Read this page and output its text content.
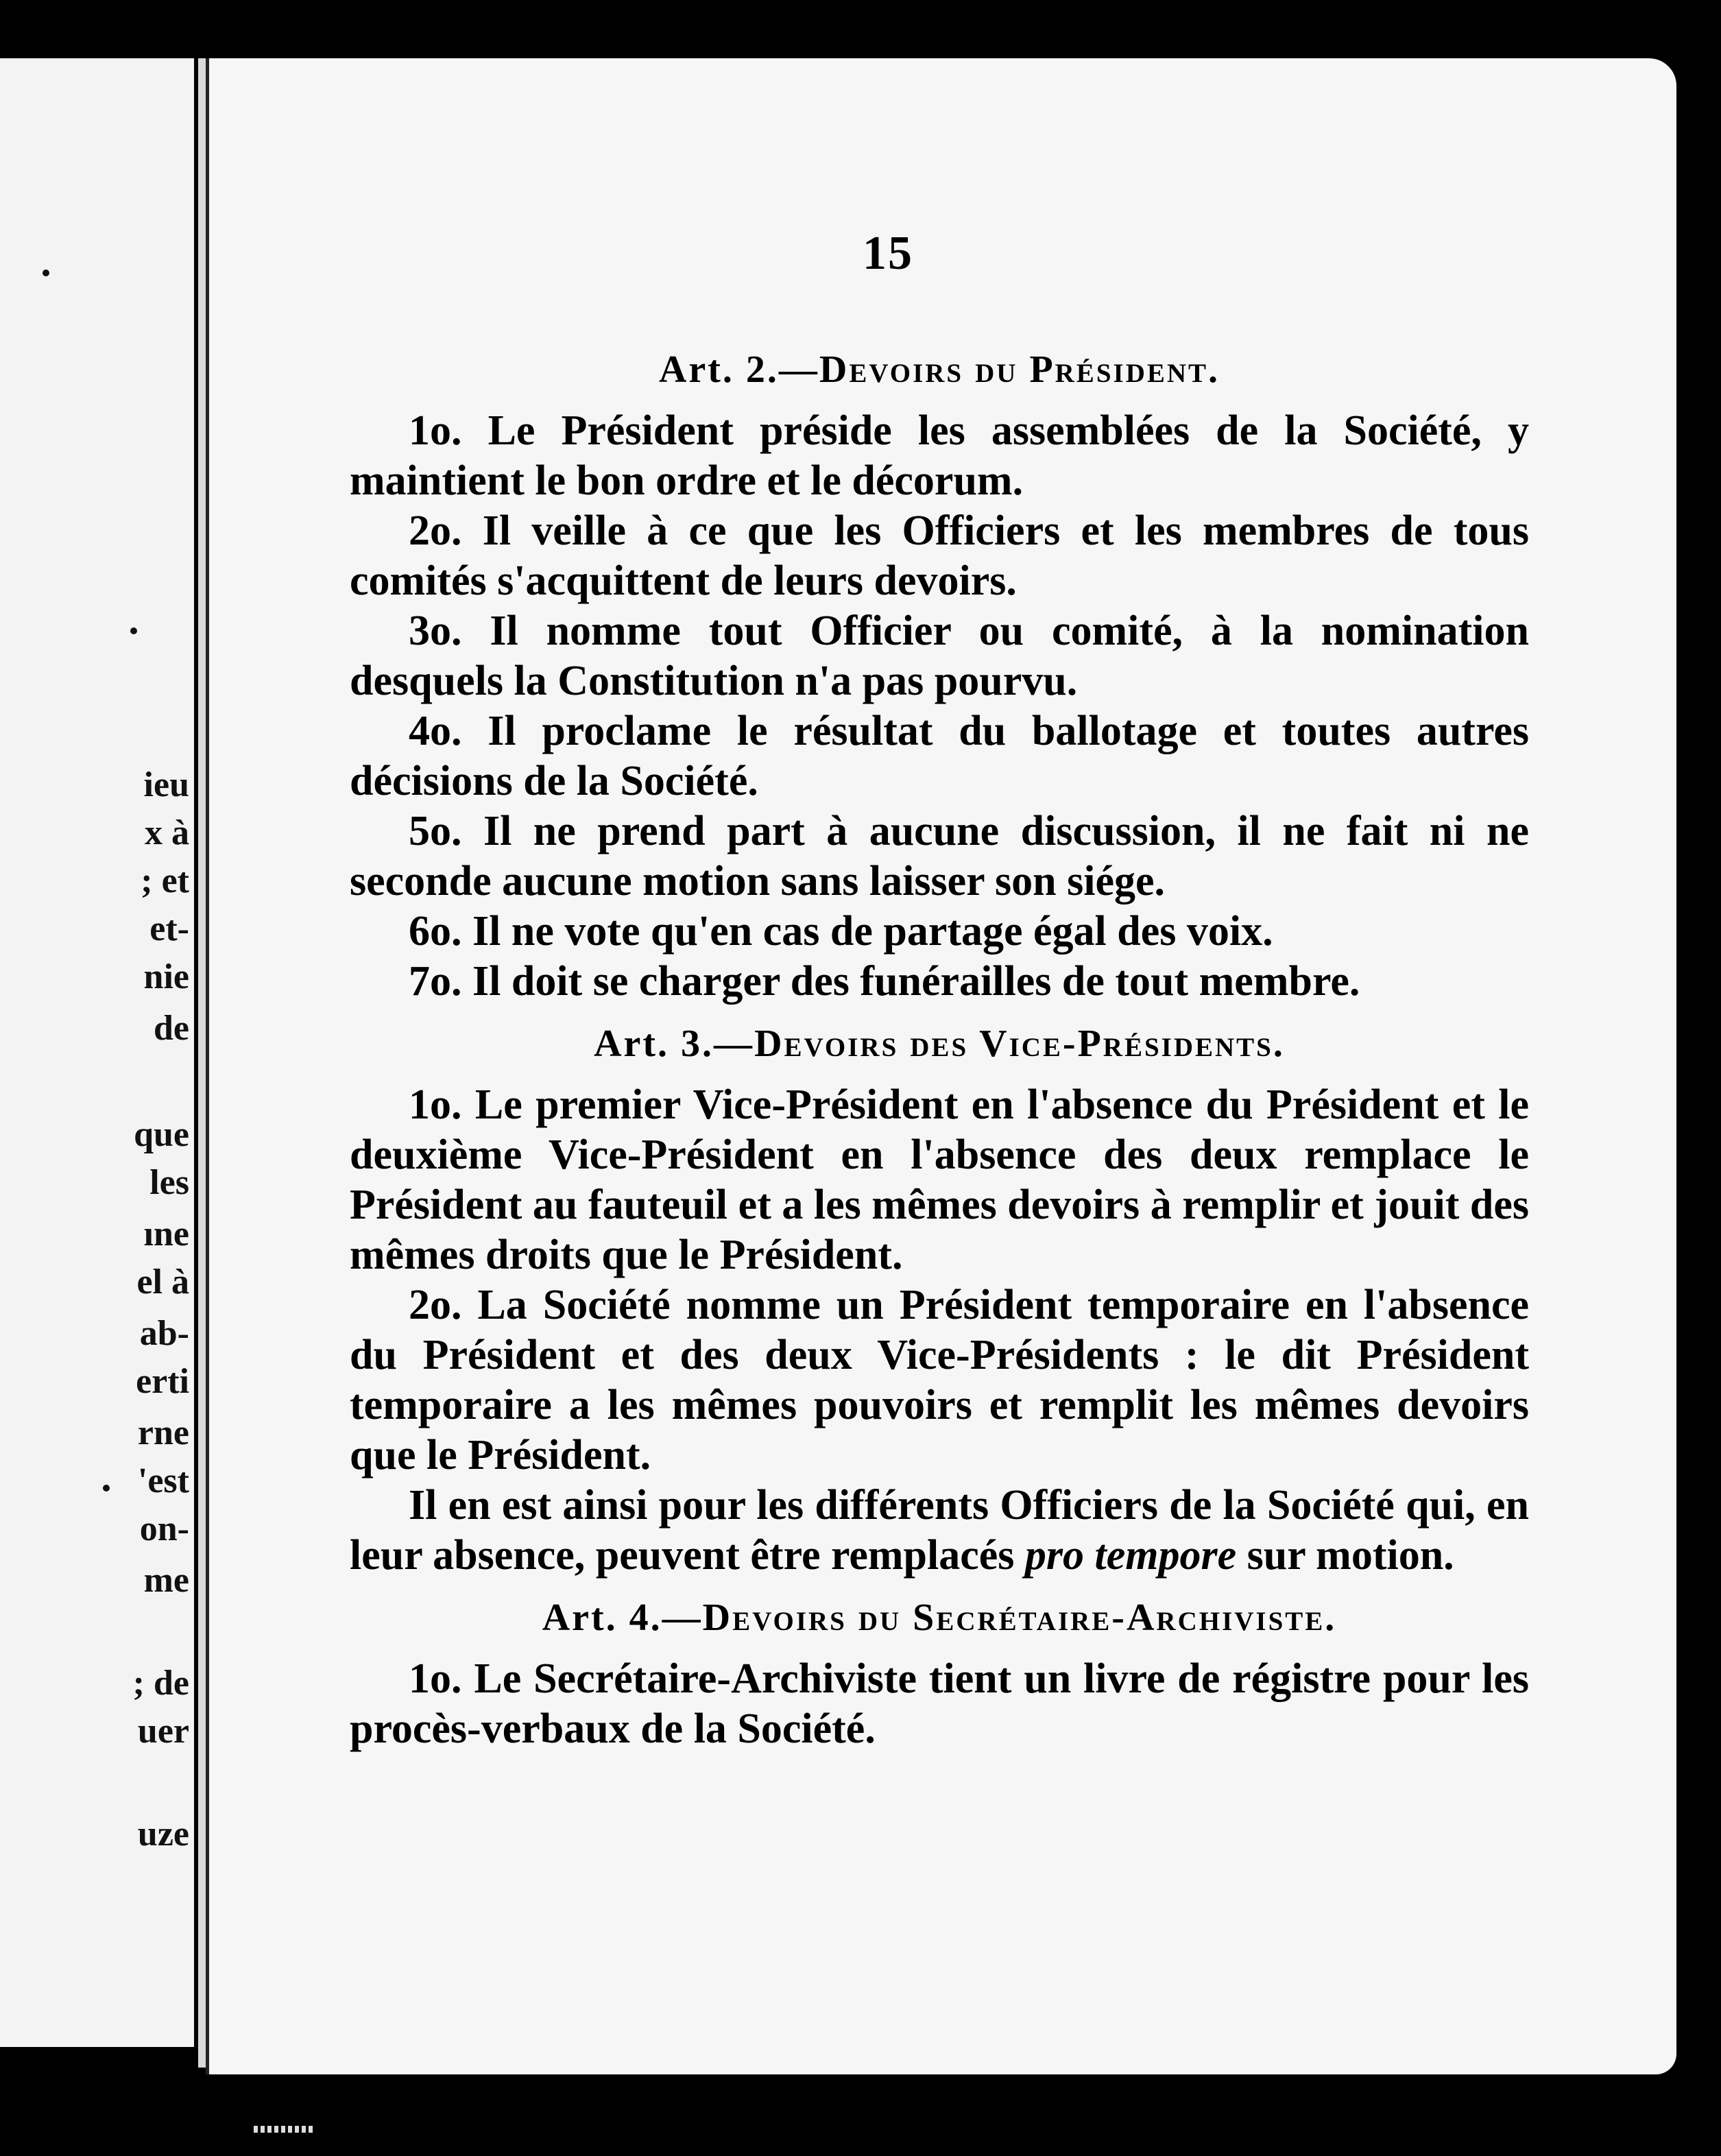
ieu
x à
; et
et-
nie
de
que
les
ıne
el à
ab-
erti
rne
'est
on-
me
; de
uer
uze
15
Art. 2.—Devoirs du Président.

1o. Le Président préside les assemblées de la Société, y maintient le bon ordre et le décorum.

2o. Il veille à ce que les Officiers et les membres de tous comités s'acquittent de leurs devoirs.

3o. Il nomme tout Officier ou comité, à la nomination desquels la Constitution n'a pas pourvu.

4o. Il proclame le résultat du ballotage et toutes autres décisions de la Société.

5o. Il ne prend part à aucune discussion, il ne fait ni ne seconde aucune motion sans laisser son siége.

6o. Il ne vote qu'en cas de partage égal des voix.

7o. Il doit se charger des funérailles de tout membre.

Art. 3.—Devoirs des Vice-Présidents.

1o. Le premier Vice-Président en l'absence du Président et le deuxième Vice-Président en l'absence des deux remplace le Président au fauteuil et a les mêmes devoirs à remplir et jouit des mêmes droits que le Président.

2o. La Société nomme un Président temporaire en l'absence du Président et des deux Vice-Présidents : le dit Président temporaire a les mêmes pouvoirs et remplit les mêmes devoirs que le Président.

Il en est ainsi pour les différents Officiers de la Société qui, en leur absence, peuvent être remplacés pro tempore sur motion.

Art. 4.—Devoirs du Secrétaire-Archiviste.

1o. Le Secrétaire-Archiviste tient un livre de régistre pour les procès-verbaux de la Société.
